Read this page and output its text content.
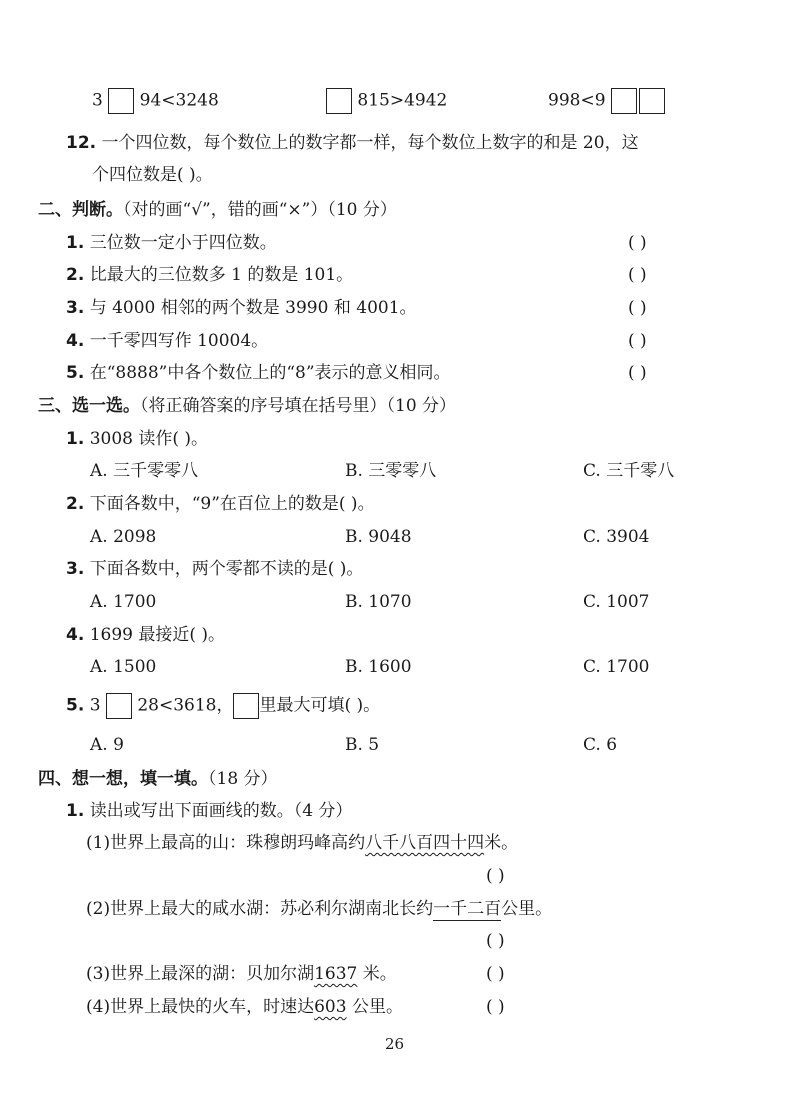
3 94<3248	815>4942	998<9
12. 一个四位数，每个数位上的数字都一样，每个数位上数字的和是 20，这
个四位数是( )。
二、判断。（对的画“√”，错的画“×”）（10 分）
1. 三位数一定小于四位数。	( )
2. 比最大的三位数多 1 的数是 101。	( )
3. 与 4000 相邻的两个数是 3990 和 4001。	( )
4. 一千零四写作 10004。	( )
5. 在“8888”中各个数位上的“8”表示的意义相同。	( )
三、选一选。（将正确答案的序号填在括号里）（10 分）
1. 3008 读作( )。
A. 三千零零八	B. 三零零八	C. 三千零八
2. 下面各数中，“9”在百位上的数是( )。
A. 2098	B. 9048	C. 3904
3. 下面各数中，两个零都不读的是( )。
A. 1700	B. 1070	C. 1007
4. 1699 最接近( )。
A. 1500	B. 1600	C. 1700
5. 3 28<3618， 里最大可填( )。
A. 9	B. 5	C. 6
四、想一想，填一填。（18 分）
1. 读出或写出下面画线的数。（4 分）
(1)世界上最高的山：珠穆朗玛峰高约八千八百四十四米。
( )
(2)世界上最大的咸水湖：苏必利尔湖南北长约一千二百公里。
( )
(3)世界上最深的湖：贝加尔湖1637 米。	( )
(4)世界上最快的火车，时速达603 公里。	( )
26
